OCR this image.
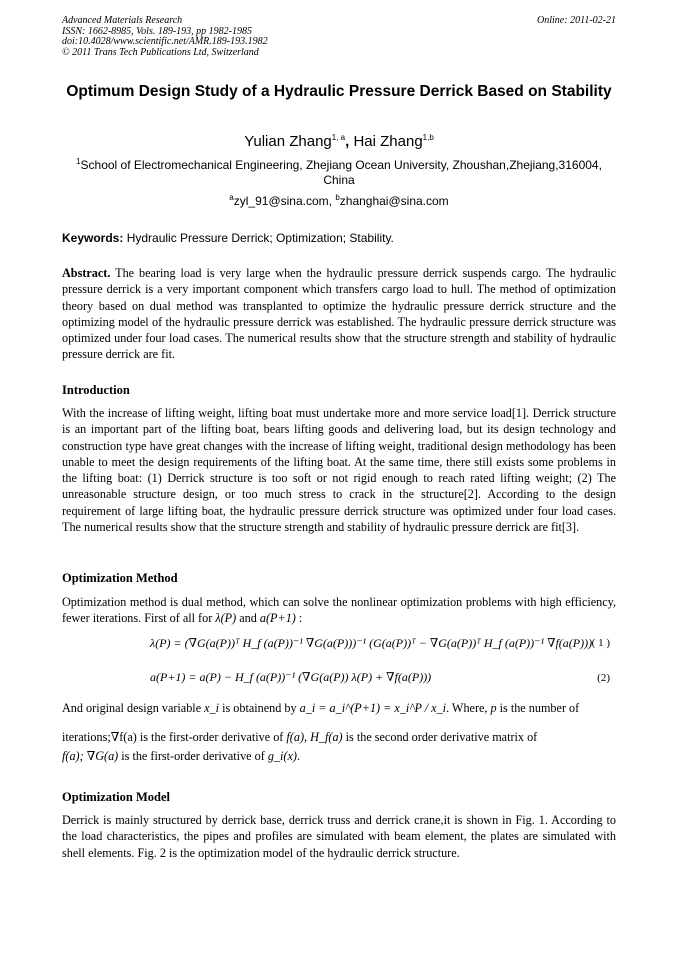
Advanced Materials Research
ISSN: 1662-8985, Vols. 189-193, pp 1982-1985
doi:10.4028/www.scientific.net/AMR.189-193.1982
© 2011 Trans Tech Publications Ltd, Switzerland
Online: 2011-02-21
Optimum Design Study of a Hydraulic Pressure Derrick Based on Stability
Yulian Zhang$^{1, a}$, Hai Zhang$^{1,b}$
$^1$School of Electromechanical Engineering, Zhejiang Ocean University, Zhoushan,Zhejiang,316004, China
$^a$zyl_91@sina.com, $^b$zhanghai@sina.com
Keywords: Hydraulic Pressure Derrick; Optimization; Stability.
Abstract. The bearing load is very large when the hydraulic pressure derrick suspends cargo. The hydraulic pressure derrick is a very important component which transfers cargo load to hull. The method of optimization theory based on dual method was transplanted to optimize the hydraulic pressure derrick structure and the optimizing model of the hydraulic pressure derrick was established. The hydraulic pressure derrick structure was optimized under four load cases. The numerical results show that the structure strength and stability of hydraulic pressure derrick are fit.
Introduction
With the increase of lifting weight, lifting boat must undertake more and more service load[1]. Derrick structure is an important part of the lifting boat, bears lifting goods and delivering load, but its design technology and construction type have great changes with the increase of lifting weight, traditional design methodology has been unable to meet the design requirements of the lifting boat. At the same time, there still exists some problems in the lifting boat: (1) Derrick structure is too soft or not rigid enough to reach rated lifting weight; (2) The unreasonable structure design, or too much stress to crack in the structure[2]. According to the design requirement of large lifting boat, the hydraulic pressure derrick structure was optimized under four load cases. The numerical results show that the structure strength and stability of hydraulic pressure derrick are fit[3].
Optimization Method
Optimization method is dual method, which can solve the nonlinear optimization problems with high efficiency, fewer iterations. First of all for λ(P) and a(P+1) :
λ(P) = (∇G(a(P))ᵀ H_f (a(P))⁻¹ ∇G(a(P)))⁻¹ (G(a(P))ᵀ − ∇G(a(P))ᵀ H_f (a(P))⁻¹ ∇f(a(P))) ( 1 )
a(P+1) = a(P) − H_f (a(P))⁻¹ (∇G(a(P)) λ(P) + ∇f(a(P)))	(2)
And original design variable x_i is obtainend by a_i = a_i^(P+1) = x_i^P / x_i. Where, p is the number of
iterations;∇f(a) is the first-order derivative of f(a), H_f(a) is the second order derivative matrix of
f(a); ∇G(a) is the first-order derivative of g_i(x).
Optimization Model
Derrick is mainly structured by derrick base, derrick truss and derrick crane,it is shown in Fig. 1. According to the load characteristics, the pipes and profiles are simulated with beam element, the plates are simulated with shell elements. Fig. 2 is the optimization model of the hydraulic derrick structure.
